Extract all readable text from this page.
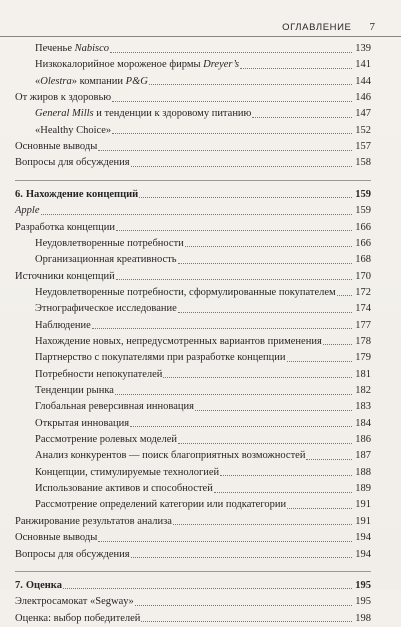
ОГЛАВЛЕНИЕ 7
Печенье Nabisco	139
Низкокалорийное мороженое фирмы Dreyer’s	141
«Olestra» компании P&G	144
От жиров к здоровью	146
General Mills и тенденции к здоровому питанию	147
«Healthy Choice»	152
Основные выводы	157
Вопросы для обсуждения	158
6. Нахождение концепций	159
Apple	159
Разработка концепции	166
Неудовлетворенные потребности	166
Организационная креативность	168
Источники концепций	170
Неудовлетворенные потребности, сформулированные покупателем 172
Этнографическое исследование	174
Наблюдение	177
Нахождение новых, непредусмотренных вариантов применения	178
Партнерство с покупателями при разработке концепции	179
Потребности непокупателей	181
Тенденции рынка	182
Глобальная реверсивная инновация	183
Открытая инновация	184
Рассмотрение ролевых моделей	186
Анализ конкурентов — поиск благоприятных возможностей	187
Концепции, стимулируемые технологией	188
Использование активов и способностей	189
Рассмотрение определений категории или подкатегории	191
Ранжирование результатов анализа	191
Основные выводы	194
Вопросы для обсуждения	194
7. Оценка	195
Электросамокат «Segway»	195
Оценка: выбор победителей	198
